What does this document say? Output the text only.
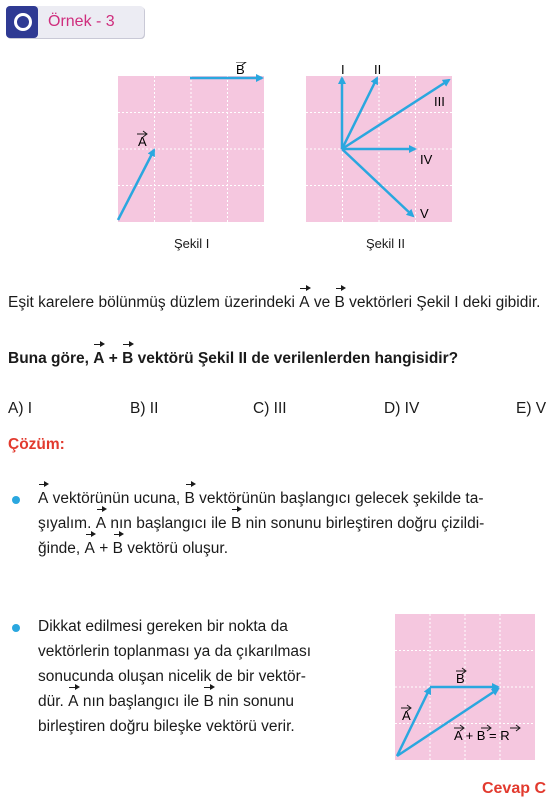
Örnek - 3
A
B
Şekil I
I II
III
IV
V
Şekil II
Eşit karelere bölünmüş düzlem üzerindeki A ve B vektörleri Şekil I deki gibidir.
Buna göre, A + B vektörü Şekil II de verilenlerden hangisidir?
A) I	B) II	C) III	D) IV	E) V
Çözüm:
A vektörünün ucuna, B vektörünün başlangıcı gelecek şekilde ta-
şıyalım. A nın başlangıcı ile B nin sonunu birleştiren doğru çizildi-
ğinde, A + B vektörü oluşur.
Dikkat edilmesi gereken bir nokta da
vektörlerin toplanması ya da çıkarılması
sonucunda oluşan nicelik de bir vektör-
dür. A nın başlangıcı ile B nin sonunu
birleştiren doğru bileşke vektörü verir.
A
B
A + B = R
Cevap C
